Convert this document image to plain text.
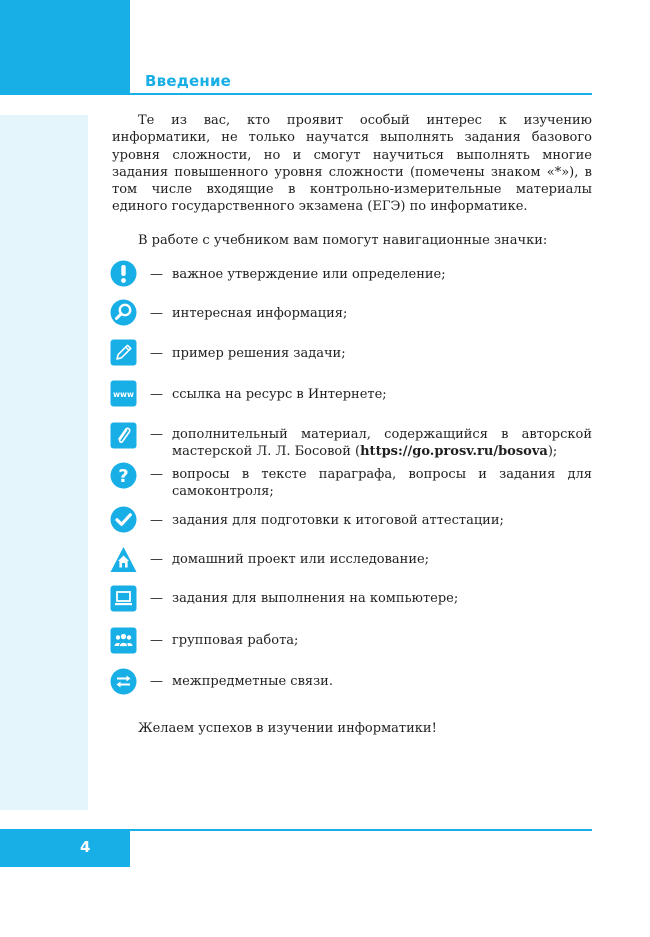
Введение

Те из вас, кто проявит особый интерес к изучению информатики, не только научатся выполнять задания базового уровня сложности, но и смогут научиться выполнять многие задания повышенного уровня сложности (помечены знаком «*»), в том числе входящие в контрольно-измерительные материалы единого государственного экзамена (ЕГЭ) по информатике.

В работе с учебником вам помогут навигационные значки:

— важное утверждение или определение;
— интересная информация;
— пример решения задачи;
www — ссылка на ресурс в Интернете;
— дополнительный материал, содержащийся в авторской мастерской Л. Л. Босовой (https://go.prosv.ru/bosova);
? — вопросы в тексте параграфа, вопросы и задания для самоконтроля;
— задания для подготовки к итоговой аттестации;
— домашний проект или исследование;
— задания для выполнения на компьютере;
— групповая работа;
— межпредметные связи.

Желаем успехов в изучении информатики!

4
